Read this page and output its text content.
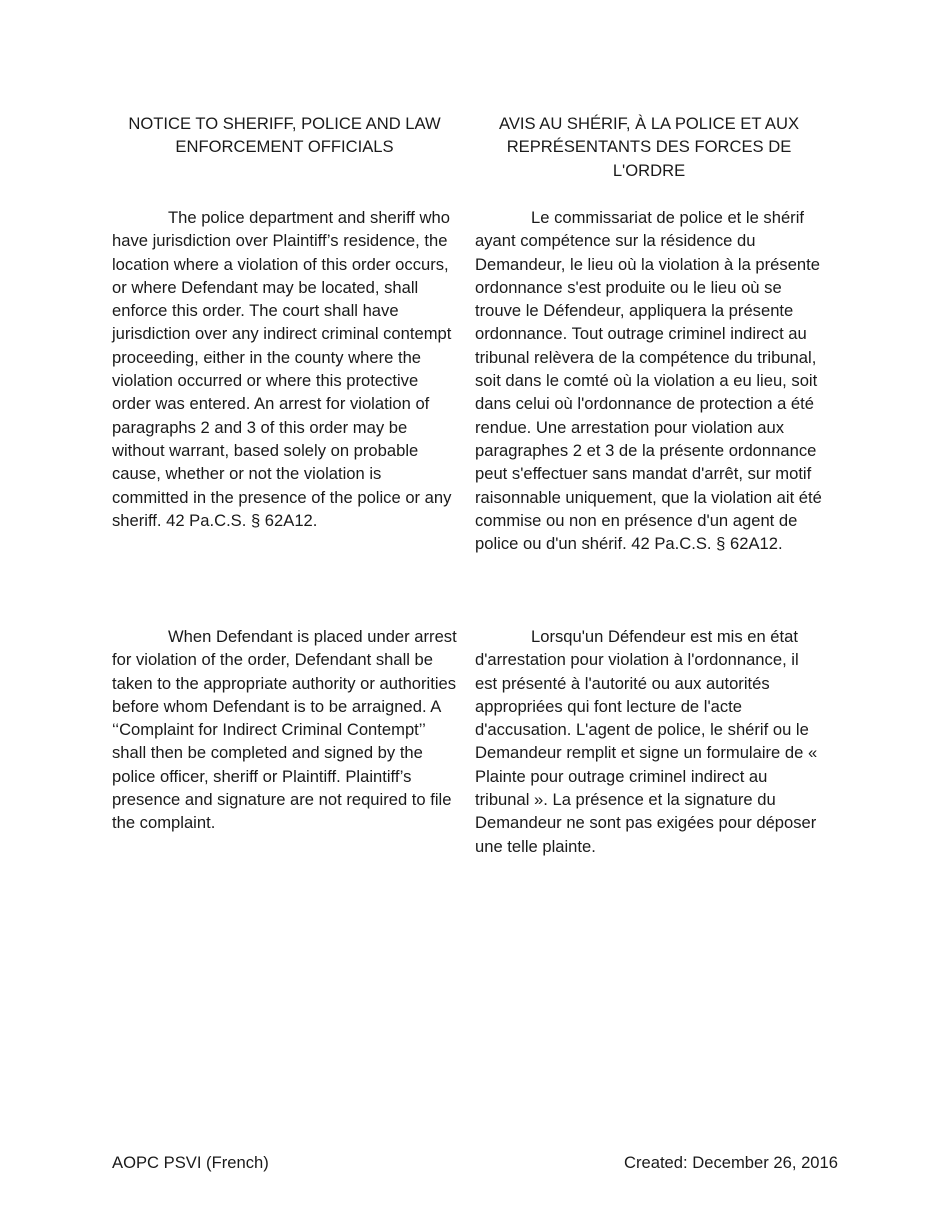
NOTICE TO SHERIFF, POLICE AND LAW ENFORCEMENT OFFICIALS

The police department and sheriff who have jurisdiction over Plaintiff’s residence, the location where a violation of this order occurs, or where Defendant may be located, shall enforce this order. The court shall have jurisdiction over any indirect criminal contempt proceeding, either in the county where the violation occurred or where this protective order was entered. An arrest for violation of paragraphs 2 and 3 of this order may be without warrant, based solely on probable cause, whether or not the violation is committed in the presence of the police or any sheriff. 42 Pa.C.S. § 62A12.

When Defendant is placed under arrest for violation of the order, Defendant shall be taken to the appropriate authority or authorities before whom Defendant is to be arraigned. A ‘‘Complaint for Indirect Criminal Contempt’’ shall then be completed and signed by the police officer, sheriff or Plaintiff. Plaintiff’s presence and signature are not required to file the complaint.

AVIS AU SHÉRIF, À LA POLICE ET AUX REPRÉSENTANTS DES FORCES DE L'ORDRE

Le commissariat de police et le shérif ayant compétence sur la résidence du Demandeur, le lieu où la violation à la présente ordonnance s'est produite ou le lieu où se trouve le Défendeur, appliquera la présente ordonnance. Tout outrage criminel indirect au tribunal relèvera de la compétence du tribunal, soit dans le comté où la violation a eu lieu, soit dans celui où l'ordonnance de protection a été rendue. Une arrestation pour violation aux paragraphes 2 et 3 de la présente ordonnance peut s'effectuer sans mandat d'arrêt, sur motif raisonnable uniquement, que la violation ait été commise ou non en présence d'un agent de police ou d'un shérif. 42 Pa.C.S. § 62A12.

Lorsqu'un Défendeur est mis en état d'arrestation pour violation à l'ordonnance, il est présenté à l'autorité ou aux autorités appropriées qui font lecture de l'acte d'accusation. L'agent de police, le shérif ou le Demandeur remplit et signe un formulaire de « Plainte pour outrage criminel indirect au tribunal ». La présence et la signature du Demandeur ne sont pas exigées pour déposer une telle plainte.

AOPC PSVI (French)	Created: December 26, 2016
